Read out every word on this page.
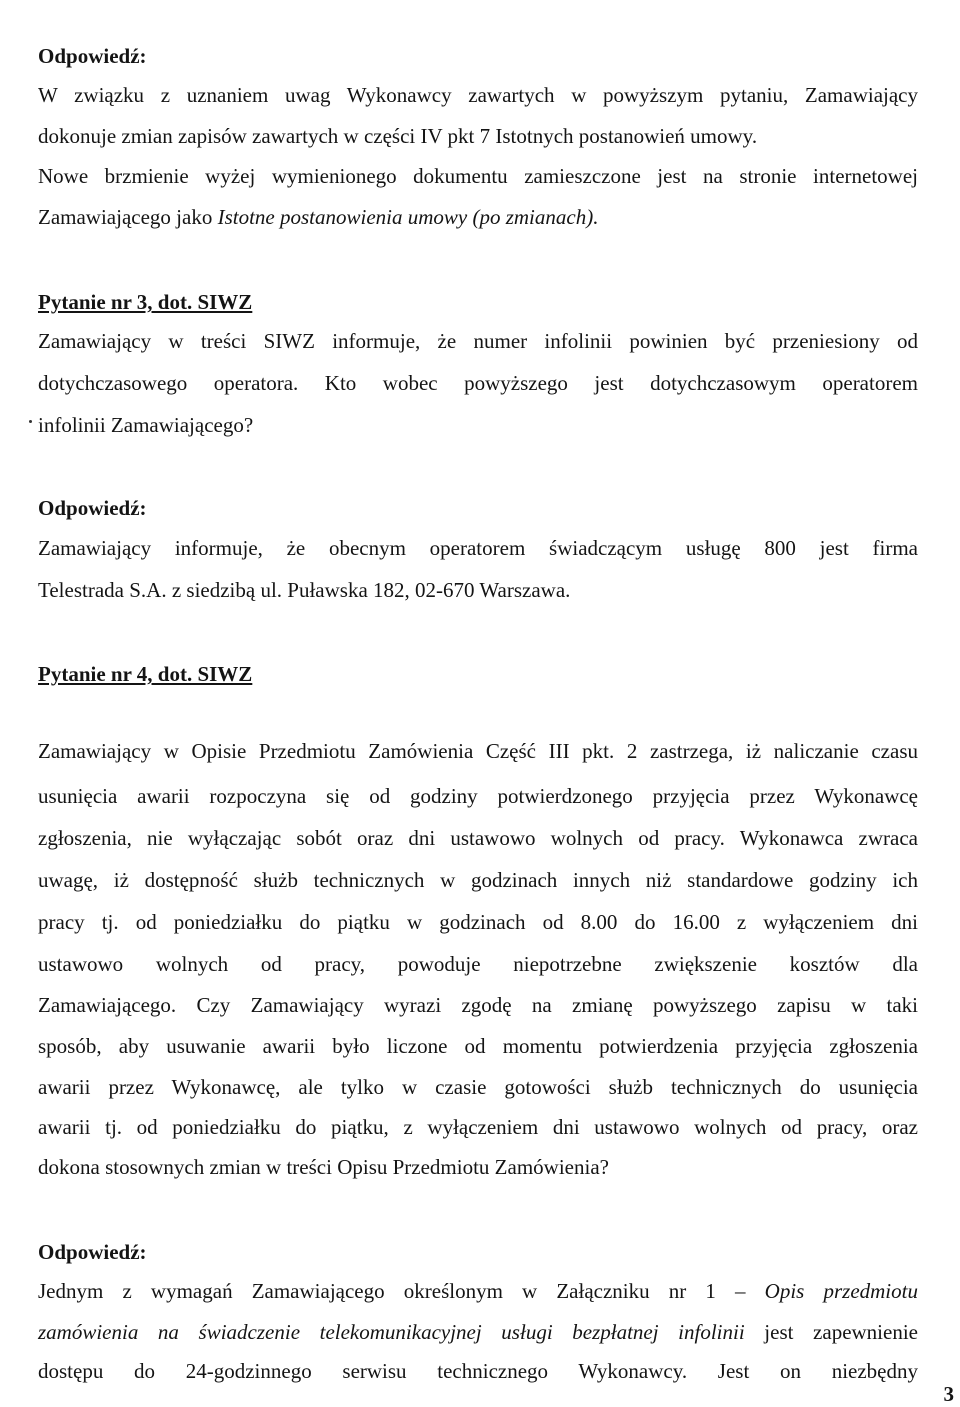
Odpowiedź:
W związku z uznaniem uwag Wykonawcy zawartych w powyższym pytaniu, Zamawiający
dokonuje zmian zapisów zawartych w części IV pkt 7 Istotnych postanowień umowy.
Nowe brzmienie wyżej wymienionego dokumentu zamieszczone jest na stronie internetowej
Zamawiającego jako Istotne postanowienia umowy (po zmianach).
Pytanie nr 3, dot. SIWZ
Zamawiający w treści SIWZ informuje, że numer infolinii powinien być przeniesiony od
dotychczasowego operatora. Kto wobec powyższego jest dotychczasowym operatorem
infolinii Zamawiającego?
Odpowiedź:
Zamawiający informuje, że obecnym operatorem świadczącym usługę 800 jest firma
Telestrada S.A. z siedzibą ul. Puławska 182, 02-670 Warszawa.
Pytanie nr 4, dot. SIWZ
Zamawiający w Opisie Przedmiotu Zamówienia Część III pkt. 2 zastrzega, iż naliczanie czasu
usunięcia awarii rozpoczyna się od godziny potwierdzonego przyjęcia przez Wykonawcę
zgłoszenia, nie wyłączając sobót oraz dni ustawowo wolnych od pracy. Wykonawca zwraca
uwagę, iż dostępność służb technicznych w godzinach innych niż standardowe godziny ich
pracy tj. od poniedziałku do piątku w godzinach od 8.00 do 16.00 z wyłączeniem dni
ustawowo wolnych od pracy, powoduje niepotrzebne zwiększenie kosztów dla
Zamawiającego. Czy Zamawiający wyrazi zgodę na zmianę powyższego zapisu w taki
sposób, aby usuwanie awarii było liczone od momentu potwierdzenia przyjęcia zgłoszenia
awarii przez Wykonawcę, ale tylko w czasie gotowości służb technicznych do usunięcia
awarii tj. od poniedziałku do piątku, z wyłączeniem dni ustawowo wolnych od pracy, oraz
dokona stosownych zmian w treści Opisu Przedmiotu Zamówienia?
Odpowiedź:
Jednym z wymagań Zamawiającego określonym w Załączniku nr 1 – Opis przedmiotu
zamówienia na świadczenie telekomunikacyjnej usługi bezpłatnej infolinii jest zapewnienie
dostępu do 24-godzinnego serwisu technicznego Wykonawcy. Jest on niezbędny
3
